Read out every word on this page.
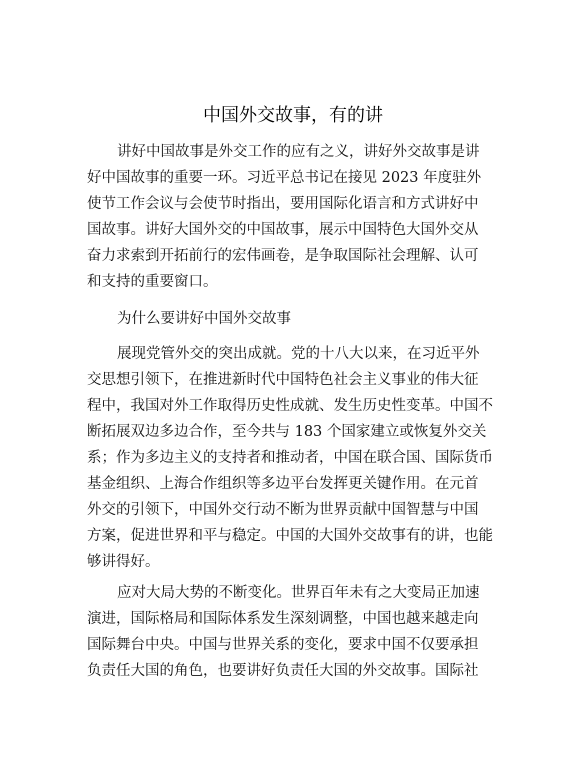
中国外交故事，有的讲
讲好中国故事是外交工作的应有之义，讲好外交故事是讲
好中国故事的重要一环。习近平总书记在接见 2023 年度驻外
使节工作会议与会使节时指出，要用国际化语言和方式讲好中
国故事。讲好大国外交的中国故事，展示中国特色大国外交从
奋力求索到开拓前行的宏伟画卷，是争取国际社会理解、认可
和支持的重要窗口。
为什么要讲好中国外交故事
展现党管外交的突出成就。党的十八大以来，在习近平外
交思想引领下，在推进新时代中国特色社会主义事业的伟大征
程中，我国对外工作取得历史性成就、发生历史性变革。中国不
断拓展双边多边合作，至今共与 183 个国家建立或恢复外交关
系；作为多边主义的支持者和推动者，中国在联合国、国际货币
基金组织、上海合作组织等多边平台发挥更关键作用。在元首
外交的引领下，中国外交行动不断为世界贡献中国智慧与中国
方案，促进世界和平与稳定。中国的大国外交故事有的讲，也能
够讲得好。
应对大局大势的不断变化。世界百年未有之大变局正加速
演进，国际格局和国际体系发生深刻调整，中国也越来越走向
国际舞台中央。中国与世界关系的变化，要求中国不仅要承担
负责任大国的角色，也要讲好负责任大国的外交故事。国际社
